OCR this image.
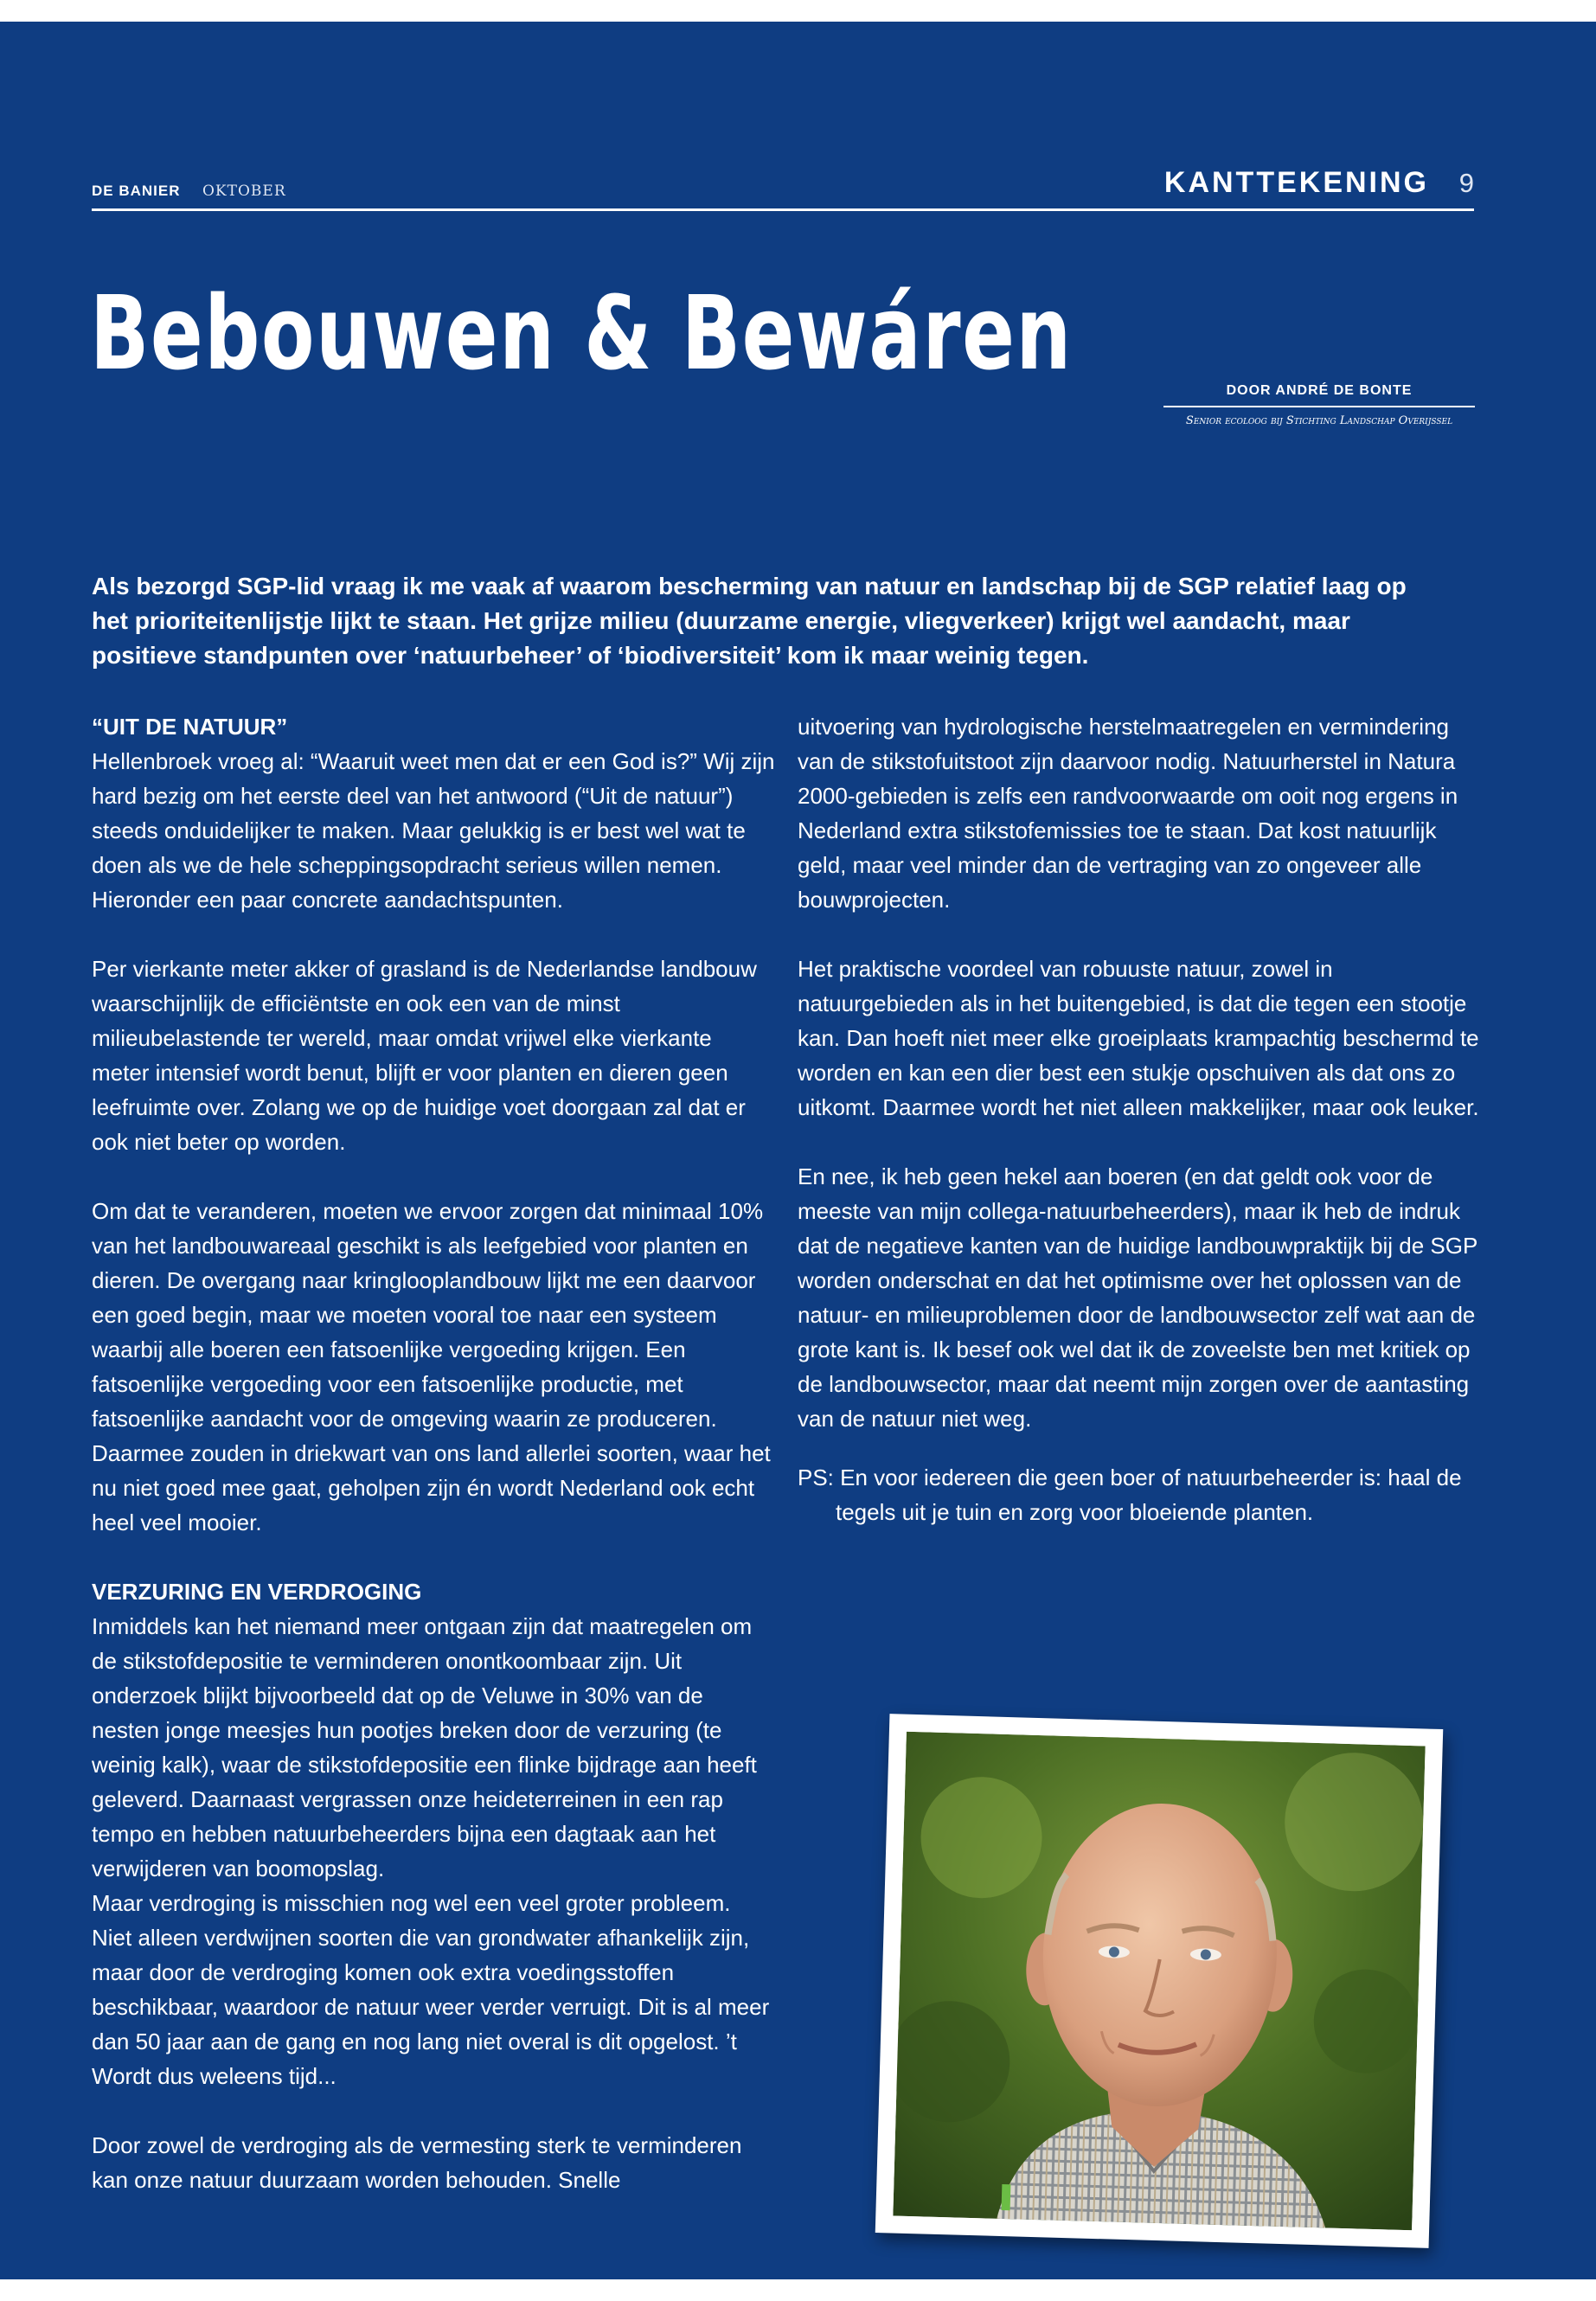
DE BANIER OKTOBER	KANTTEKENING 9
Bebouwen & Bewáren	DOOR ANDRÉ DE BONTE
Senior ecoloog bij Stichting Landschap Overijssel
Als bezorgd SGP-lid vraag ik me vaak af waarom bescherming van natuur en landschap bij de SGP relatief laag op het prioriteitenlijstje lijkt te staan. Het grijze milieu (duurzame energie, vliegverkeer) krijgt wel aandacht, maar positieve standpunten over ‘natuurbeheer’ of ‘biodiversiteit’ kom ik maar weinig tegen.

“UIT DE NATUUR”
Hellenbroek vroeg al: “Waaruit weet men dat er een God is?” Wij zijn hard bezig om het eerste deel van het antwoord (“Uit de natuur”) steeds onduidelijker te maken. Maar gelukkig is er best wel wat te doen als we de hele scheppingsopdracht serieus willen nemen. Hieronder een paar concrete aandachtspunten.

Per vierkante meter akker of grasland is de Nederlandse landbouw waarschijnlijk de efficiëntste en ook een van de minst milieubelastende ter wereld, maar omdat vrijwel elke vierkante meter intensief wordt benut, blijft er voor planten en dieren geen leefruimte over. Zolang we op de huidige voet doorgaan zal dat er ook niet beter op worden.

Om dat te veranderen, moeten we ervoor zorgen dat minimaal 10% van het landbouwareaal geschikt is als leefgebied voor planten en dieren. De overgang naar kringlooplandbouw lijkt me een daarvoor een goed begin, maar we moeten vooral toe naar een systeem waarbij alle boeren een fatsoenlijke vergoeding krijgen. Een fatsoenlijke vergoeding voor een fatsoenlijke productie, met fatsoenlijke aandacht voor de omgeving waarin ze produceren. Daarmee zouden in driekwart van ons land allerlei soorten, waar het nu niet goed mee gaat, geholpen zijn én wordt Nederland ook echt heel veel mooier.

VERZURING EN VERDROGING
Inmiddels kan het niemand meer ontgaan zijn dat maatregelen om de stikstofdepositie te verminderen onontkoombaar zijn. Uit onderzoek blijkt bijvoorbeeld dat op de Veluwe in 30% van de nesten jonge meesjes hun pootjes breken door de verzuring (te weinig kalk), waar de stikstofdepositie een flinke bijdrage aan heeft geleverd. Daarnaast vergrassen onze heideterreinen in een rap tempo en hebben natuurbeheerders bijna een dagtaak aan het verwijderen van boomopslag.

Maar verdroging is misschien nog wel een veel groter probleem. Niet alleen verdwijnen soorten die van grondwater afhankelijk zijn, maar door de verdroging komen ook extra voedingsstoffen beschikbaar, waardoor de natuur weer verder verruigt. Dit is al meer dan 50 jaar aan de gang en nog lang niet overal is dit opgelost. ’t Wordt dus weleens tijd...

Door zowel de verdroging als de vermesting sterk te verminderen kan onze natuur duurzaam worden behouden. Snelle

uitvoering van hydrologische herstelmaatregelen en vermindering van de stikstofuitstoot zijn daarvoor nodig. Natuurherstel in Natura 2000-gebieden is zelfs een randvoorwaarde om ooit nog ergens in Nederland extra stikstofemissies toe te staan. Dat kost natuurlijk geld, maar veel minder dan de vertraging van zo ongeveer alle bouwprojecten.

Het praktische voordeel van robuuste natuur, zowel in natuurgebieden als in het buitengebied, is dat die tegen een stootje kan. Dan hoeft niet meer elke groeiplaats krampachtig beschermd te worden en kan een dier best een stukje opschuiven als dat ons zo uitkomt. Daarmee wordt het niet alleen makkelijker, maar ook leuker.

En nee, ik heb geen hekel aan boeren (en dat geldt ook voor de meeste van mijn collega-natuurbeheerders), maar ik heb de indruk dat de negatieve kanten van de huidige landbouwpraktijk bij de SGP worden onderschat en dat het optimisme over het oplossen van de natuur- en milieuproblemen door de landbouwsector zelf wat aan de grote kant is. Ik besef ook wel dat ik de zoveelste ben met kritiek op de landbouwsector, maar dat neemt mijn zorgen over de aantasting van de natuur niet weg.

PS: En voor iedereen die geen boer of natuurbeheerder is: haal de tegels uit je tuin en zorg voor bloeiende planten.
